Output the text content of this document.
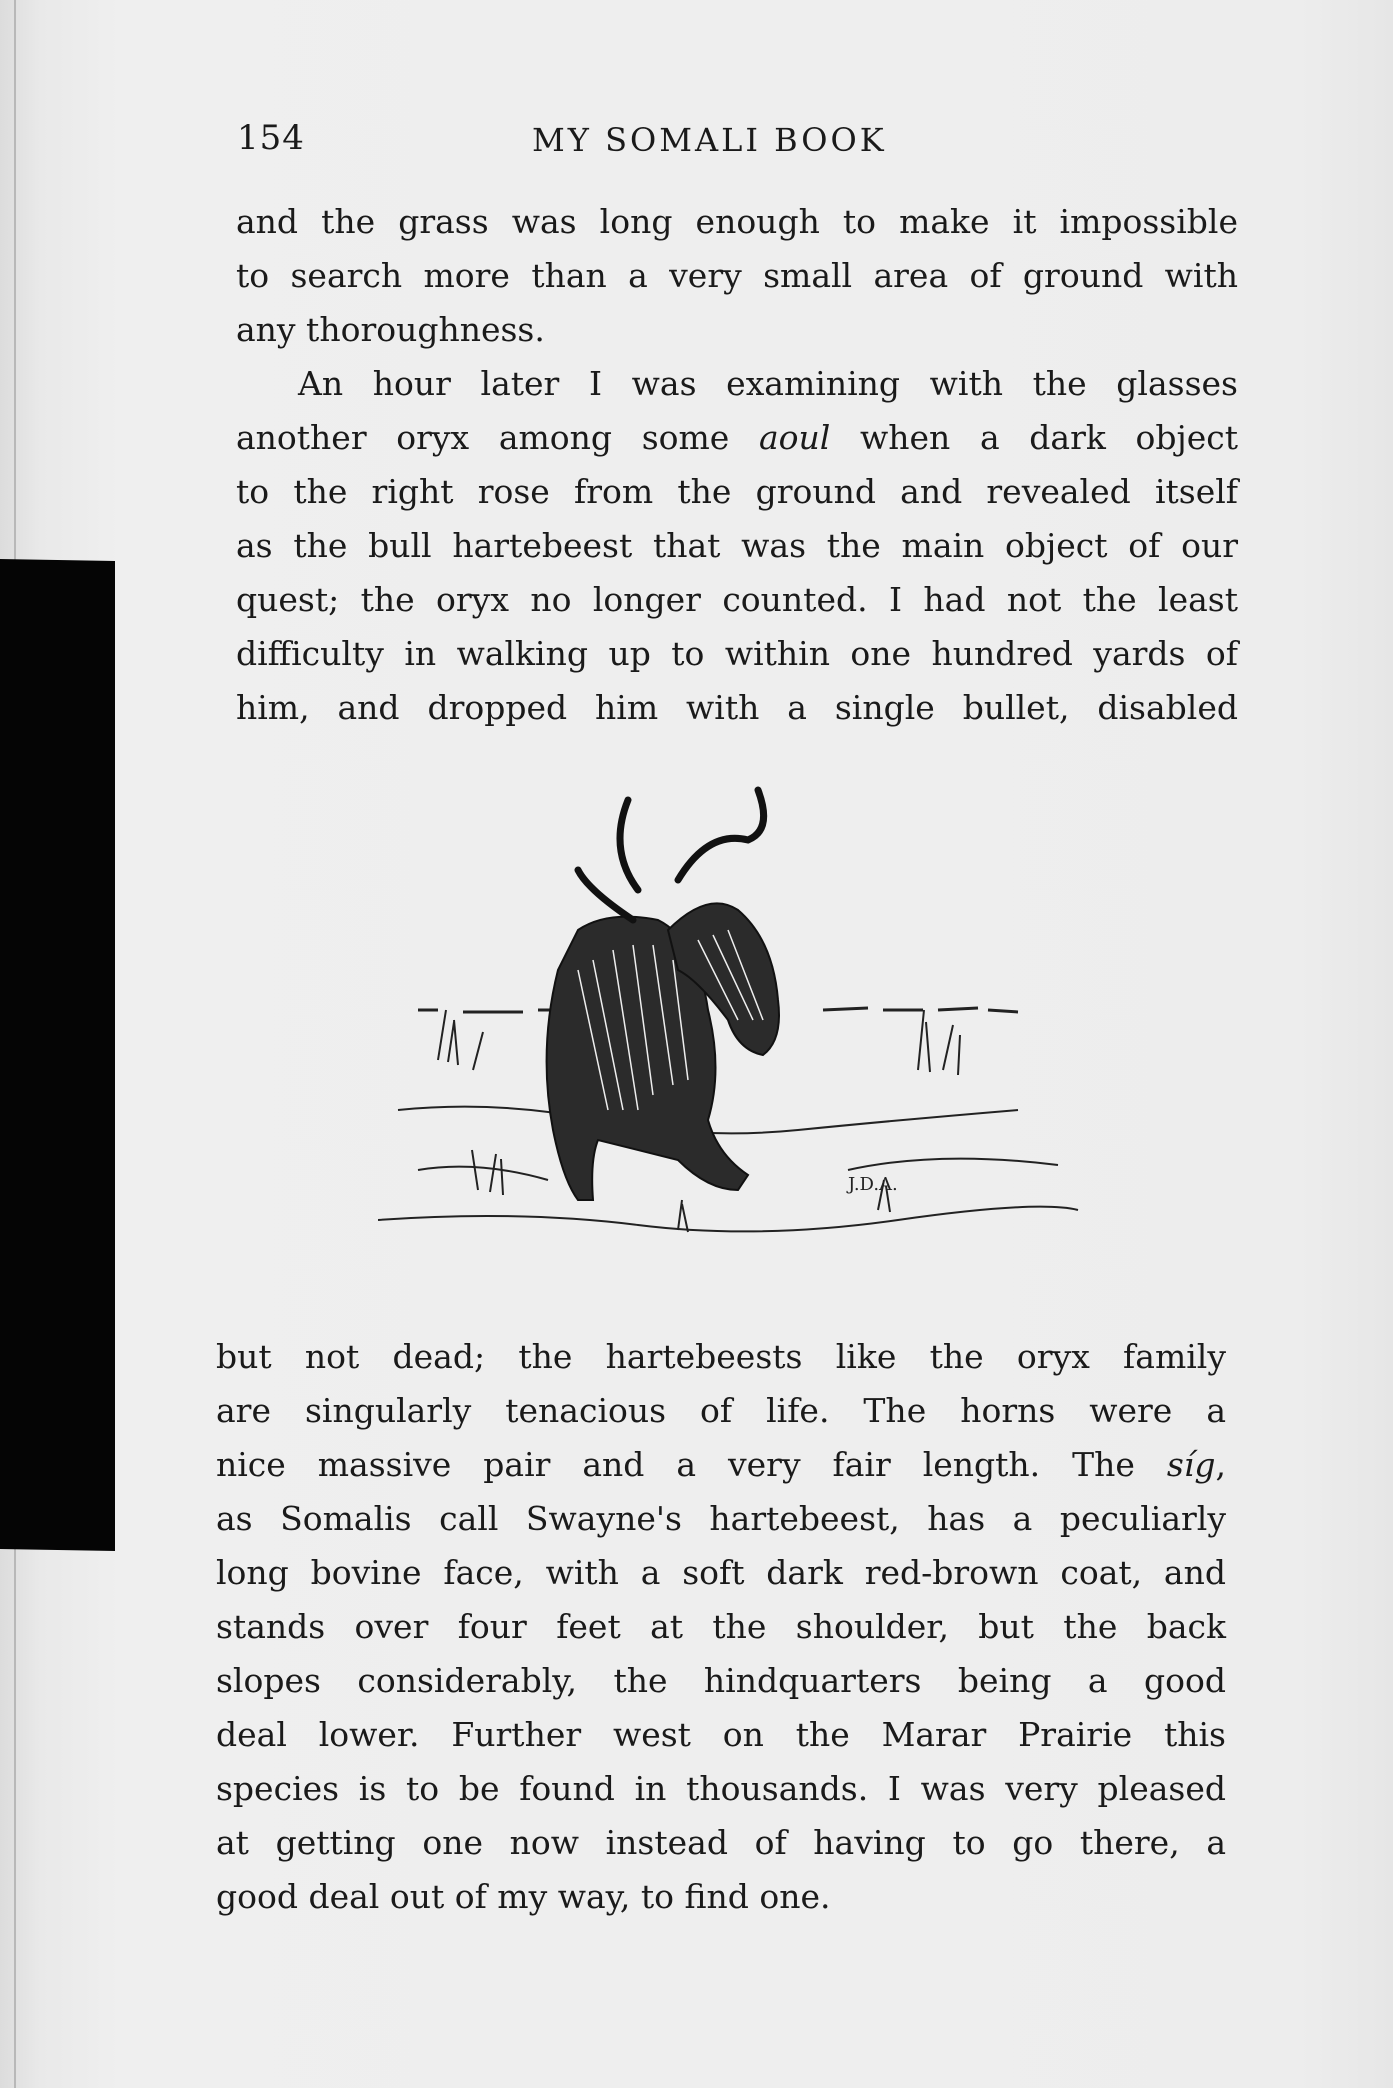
154	MY SOMALI BOOK
and the grass was long enough to make it impossible
to search more than a very small area of ground with
any thoroughness.
An hour later I was examining with the glasses
another oryx among some aoul when a dark object
to the right rose from the ground and revealed itself
as the bull hartebeest that was the main object of our
quest; the oryx no longer counted. I had not the least
difficulty in walking up to within one hundred yards of
him, and dropped him with a single bullet, disabled
J.D.A.
but not dead; the hartebeests like the oryx family
are singularly tenacious of life. The horns were a
nice massive pair and a very fair length. The síg,
as Somalis call Swayne's hartebeest, has a peculiarly
long bovine face, with a soft dark red-brown coat, and
stands over four feet at the shoulder, but the back
slopes considerably, the hindquarters being a good
deal lower. Further west on the Marar Prairie this
species is to be found in thousands. I was very pleased
at getting one now instead of having to go there, a
good deal out of my way, to find one.
